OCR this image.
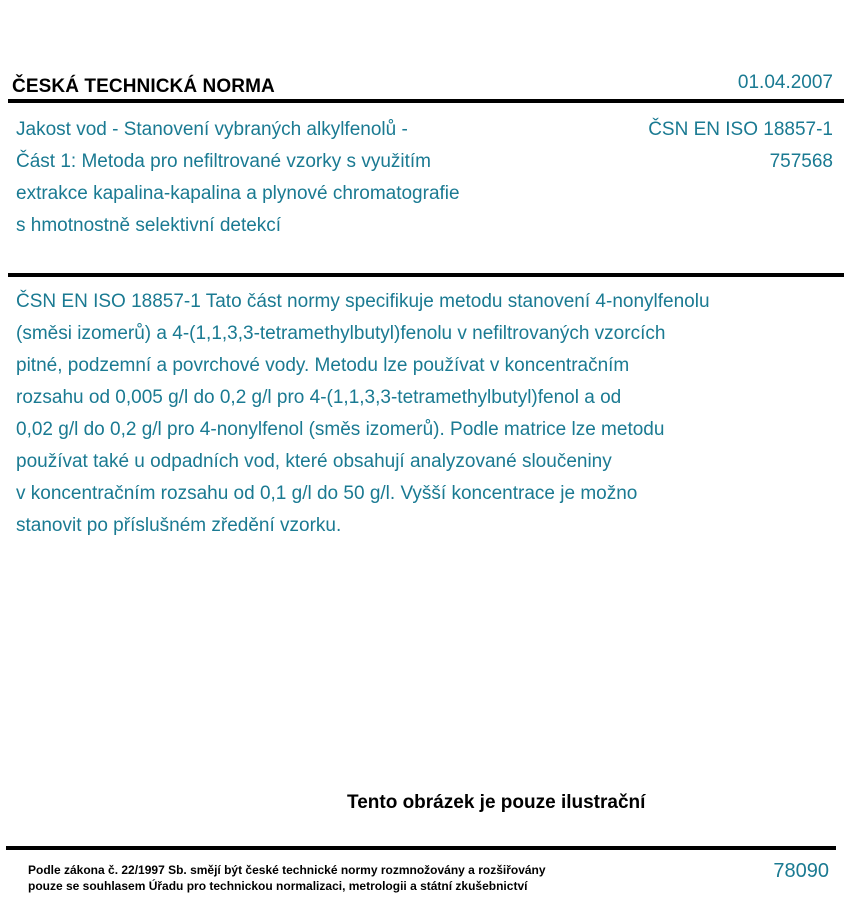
ČESKÁ TECHNICKÁ NORMA	01.04.2007
Jakost vod - Stanovení vybraných alkylfenolů -
Část 1: Metoda pro nefiltrované vzorky s využitím
extrakce kapalina-kapalina a plynové chromatografie
s hmotnostně selektivní detekcí
ČSN EN ISO 18857-1
757568
ČSN EN ISO 18857-1 Tato část normy specifikuje metodu stanovení 4-nonylfenolu
(směsi izomerů) a 4-(1,1,3,3-tetramethylbutyl)fenolu v nefiltrovaných vzorcích
pitné, podzemní a povrchové vody. Metodu lze používat v koncentračním
rozsahu od 0,005 g/l do 0,2 g/l pro 4-(1,1,3,3-tetramethylbutyl)fenol a od
0,02 g/l do 0,2 g/l pro 4-nonylfenol (směs izomerů). Podle matrice lze metodu
používat také u odpadních vod, které obsahují analyzované sloučeniny
v koncentračním rozsahu od 0,1 g/l do 50 g/l. Vyšší koncentrace je možno
stanovit po příslušném zředění vzorku.
Tento obrázek je pouze ilustrační
Podle zákona č. 22/1997 Sb. smějí být české technické normy rozmnožovány a rozšiřovány
pouze se souhlasem Úřadu pro technickou normalizaci, metrologii a státní zkušebnictví
78090
